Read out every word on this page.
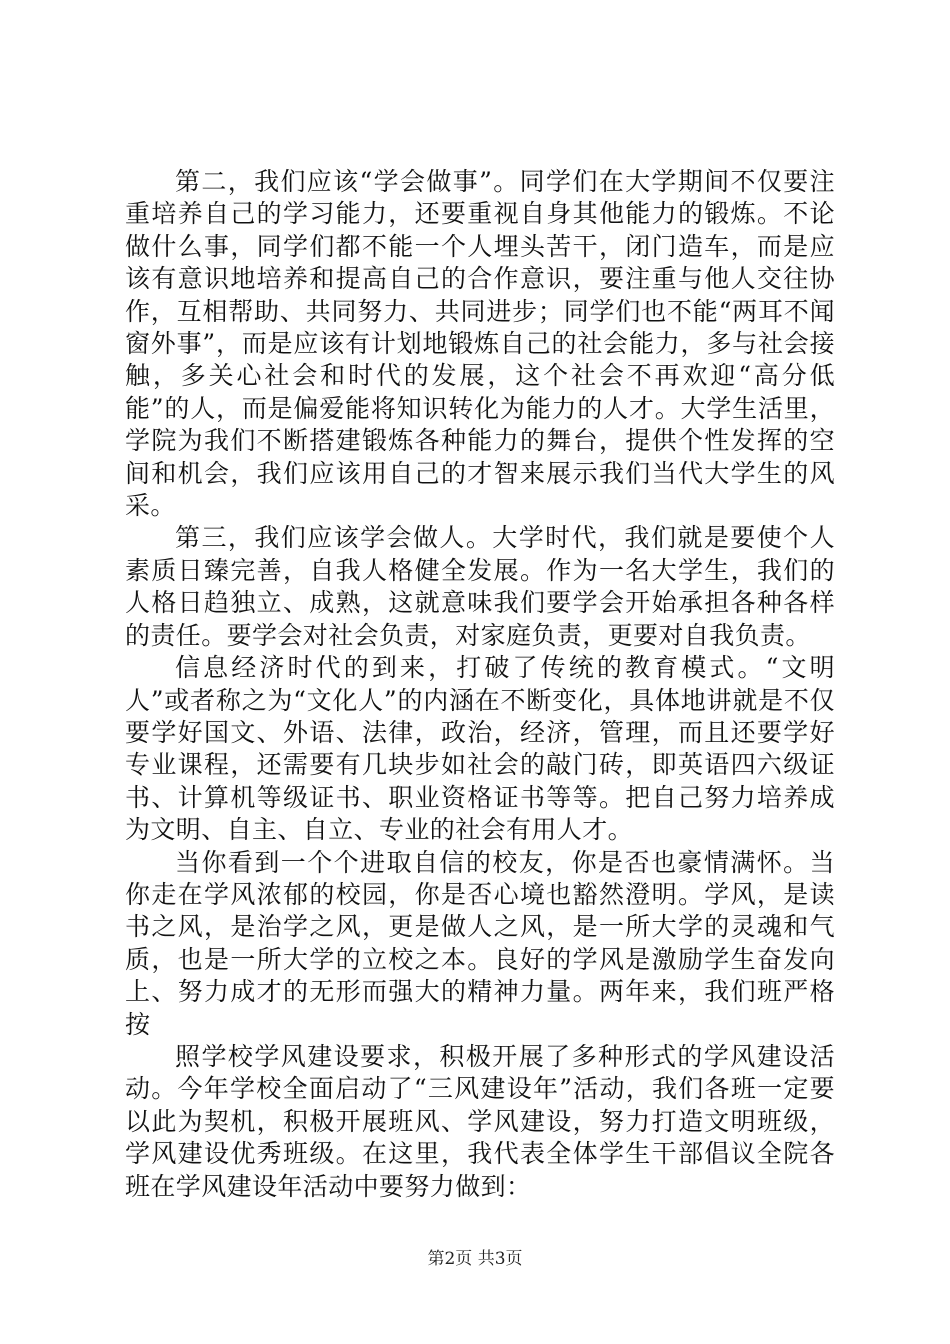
第二，我们应该“学会做事”。同学们在大学期间不仅要注重培养自己的学习能力，还要重视自身其他能力的锻炼。不论做什么事，同学们都不能一个人埋头苦干，闭门造车，而是应该有意识地培养和提高自己的合作意识，要注重与他人交往协作，互相帮助、共同努力、共同进步；同学们也不能“两耳不闻窗外事”，而是应该有计划地锻炼自己的社会能力，多与社会接触，多关心社会和时代的发展，这个社会不再欢迎“高分低能”的人，而是偏爱能将知识转化为能力的人才。大学生活里，学院为我们不断搭建锻炼各种能力的舞台，提供个性发挥的空间和机会，我们应该用自己的才智来展示我们当代大学生的风采。

第三，我们应该学会做人。大学时代，我们就是要使个人素质日臻完善，自我人格健全发展。作为一名大学生，我们的人格日趋独立、成熟，这就意味我们要学会开始承担各种各样的责任。要学会对社会负责，对家庭负责，更要对自我负责。

信息经济时代的到来，打破了传统的教育模式。“文明人”或者称之为“文化人”的内涵在不断变化，具体地讲就是不仅要学好国文、外语、法律，政治，经济，管理，而且还要学好专业课程，还需要有几块步如社会的敲门砖，即英语四六级证书、计算机等级证书、职业资格证书等等。把自己努力培养成为文明、自主、自立、专业的社会有用人才。

当你看到一个个进取自信的校友，你是否也豪情满怀。当你走在学风浓郁的校园，你是否心境也豁然澄明。学风，是读书之风，是治学之风，更是做人之风，是一所大学的灵魂和气质，也是一所大学的立校之本。良好的学风是激励学生奋发向上、努力成才的无形而强大的精神力量。两年来，我们班严格按

照学校学风建设要求，积极开展了多种形式的学风建设活动。今年学校全面启动了“三风建设年”活动，我们各班一定要以此为契机，积极开展班风、学风建设，努力打造文明班级，学风建设优秀班级。在这里，我代表全体学生干部倡议全院各班在学风建设年活动中要努力做到：

第2页 共3页
